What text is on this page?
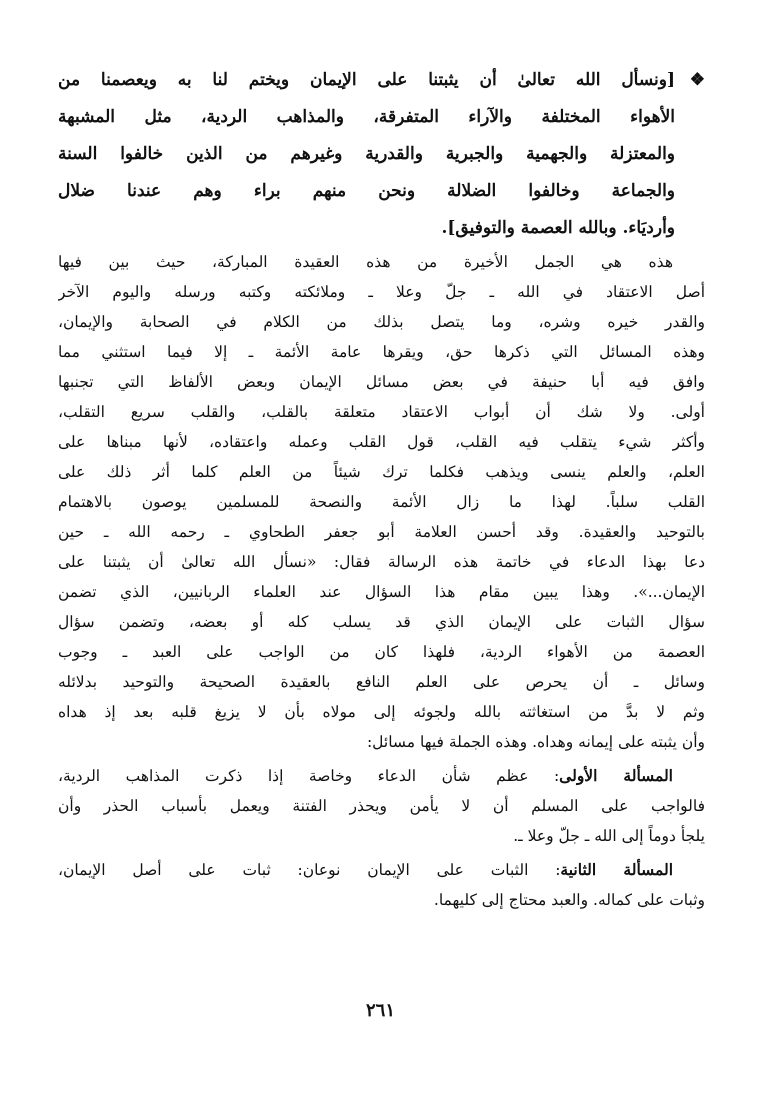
❖[ونسأل الله تعالىٰ أن يثبتنا على الإيمان ويختم لنا به ويعصمنا من
الأهواء المختلفة والآراء المتفرقة، والمذاهب الردية، مثل المشبهة
والمعتزلة والجهمية والجبرية والقدرية وغيرهم من الذين خالفوا السنة
والجماعة وخالفوا الضلالة ونحن منهم براء وهم عندنا ضلال
وأرديَاء. وبالله العصمة والتوفيق].
هذه هي الجمل الأخيرة من هذه العقيدة المباركة، حيث بين فيها
أصل الاعتقاد في الله ـ جلّ وعلا ـ وملائكته وكتبه ورسله واليوم الآخر
والقدر خيره وشره، وما يتصل بذلك من الكلام في الصحابة والإيمان،
وهذه المسائل التي ذكرها حق، ويقرها عامة الأئمة ـ إلا فيما استثني مما
وافق فيه أبا حنيفة في بعض مسائل الإيمان وبعض الألفاظ التي تجنبها
أولى. ولا شك أن أبواب الاعتقاد متعلقة بالقلب، والقلب سريع التقلب،
وأكثر شيء يتقلب فيه القلب، قول القلب وعمله واعتقاده، لأنها مبناها على
العلم، والعلم ينسى ويذهب فكلما ترك شيئاً من العلم كلما أثر ذلك على
القلب سلباً. لهذا ما زال الأئمة والنصحة للمسلمين يوصون بالاهتمام
بالتوحيد والعقيدة. وقد أحسن العلامة أبو جعفر الطحاوي ـ رحمه الله ـ حين
دعا بهذا الدعاء في خاتمة هذه الرسالة فقال: «نسأل الله تعالىٰ أن يثبتنا على
الإيمان...». وهذا يبين مقام هذا السؤال عند العلماء الربانيين، الذي تضمن
سؤال الثبات على الإيمان الذي قد يسلب كله أو بعضه، وتضمن سؤال
العصمة من الأهواء الردية، فلهذا كان من الواجب على العبد ـ وجوب
وسائل ـ أن يحرص على العلم النافع بالعقيدة الصحيحة والتوحيد بدلائله
وثم لا بدَّ من استغاثته بالله ولجوئه إلى مولاه بأن لا يزيغ قلبه بعد إذ هداه
وأن يثبته على إيمانه وهداه. وهذه الجملة فيها مسائل:
المسألة الأولى: عظم شأن الدعاء وخاصة إذا ذكرت المذاهب الردية،
فالواجب على المسلم أن لا يأمن ويحذر الفتنة ويعمل بأسباب الحذر وأن
يلجأ دوماً إلى الله ـ جلّ وعلا ـ.
المسألة الثانية: الثبات على الإيمان نوعان: ثبات على أصل الإيمان،
وثبات على كماله. والعبد محتاج إلى كليهما.
٢٦١
